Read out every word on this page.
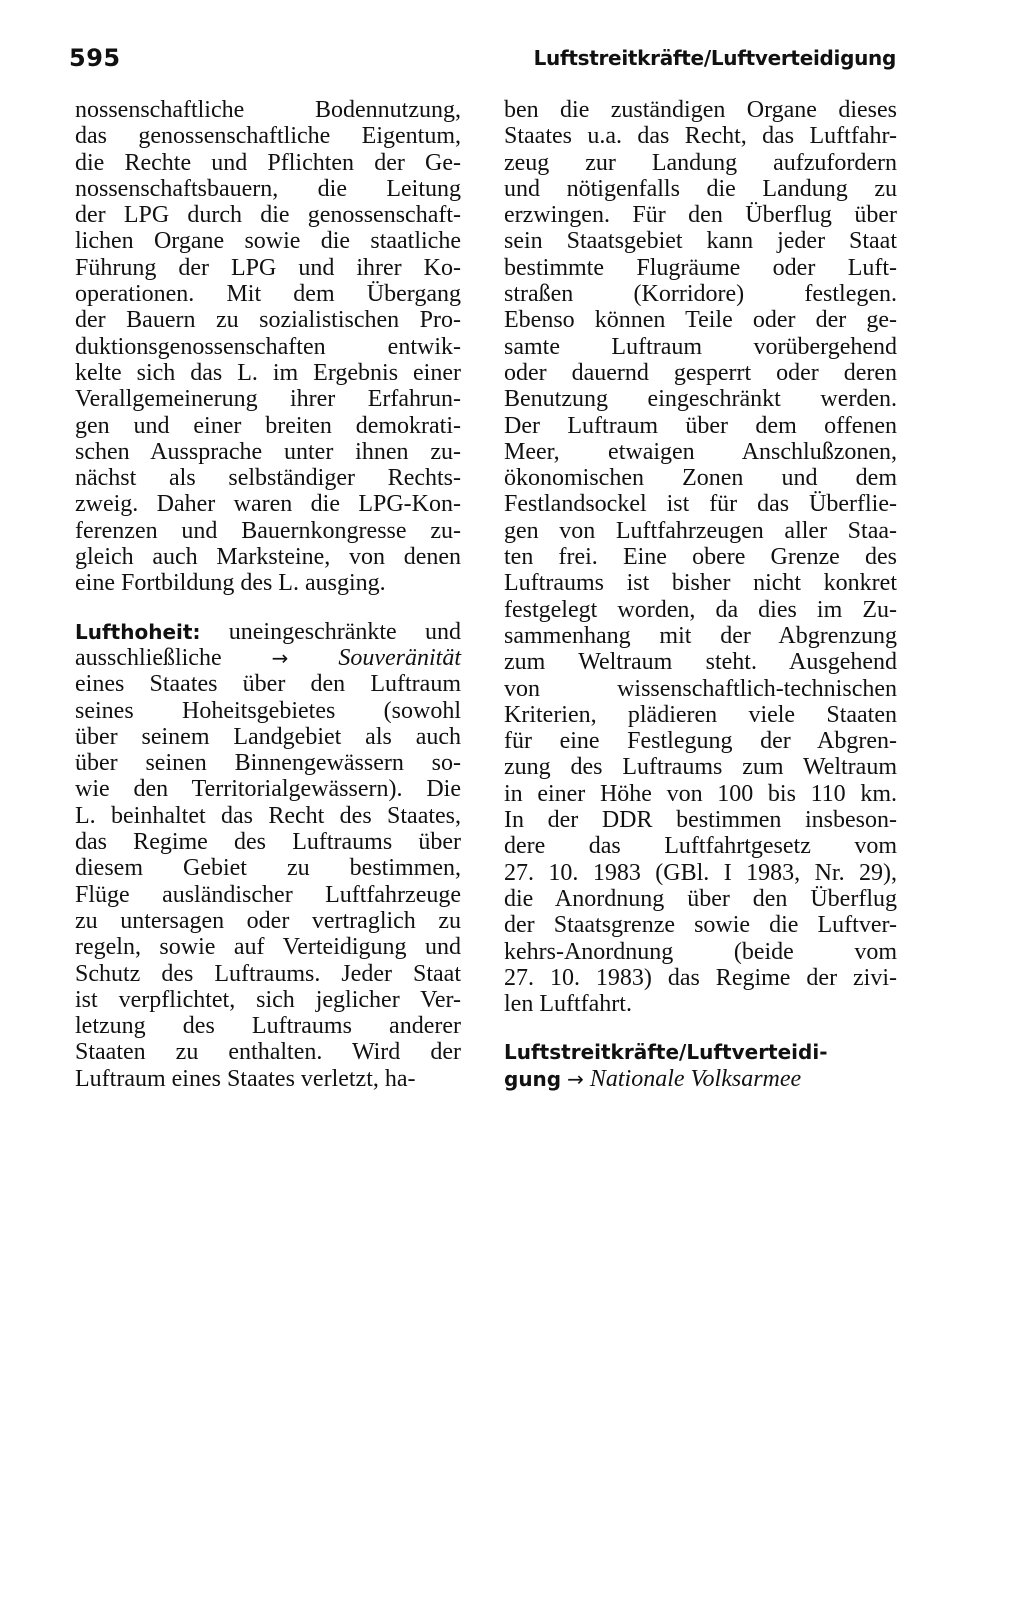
595	Luftstreitkräfte/Luftverteidigung
nossenschaftliche Bodennutzung,
das genossenschaftliche Eigentum,
die Rechte und Pflichten der Ge-
nossenschaftsbauern, die Leitung
der LPG durch die genossenschaft-
lichen Organe sowie die staatliche
Führung der LPG und ihrer Ko-
operationen. Mit dem Übergang
der Bauern zu sozialistischen Pro-
duktionsgenossenschaften entwik-
kelte sich das L. im Ergebnis einer
Verallgemeinerung ihrer Erfahrun-
gen und einer breiten demokrati-
schen Aussprache unter ihnen zu-
nächst als selbständiger Rechts-
zweig. Daher waren die LPG-Kon-
ferenzen und Bauernkongresse zu-
gleich auch Marksteine, von denen
eine Fortbildung des L. ausging.
Lufthoheit: uneingeschränkte und
ausschließliche → Souveränität
eines Staates über den Luftraum
seines Hoheitsgebietes (sowohl
über seinem Landgebiet als auch
über seinen Binnengewässern so-
wie den Territorialgewässern). Die
L. beinhaltet das Recht des Staates,
das Regime des Luftraums über
diesem Gebiet zu bestimmen,
Flüge ausländischer Luftfahrzeuge
zu untersagen oder vertraglich zu
regeln, sowie auf Verteidigung und
Schutz des Luftraums. Jeder Staat
ist verpflichtet, sich jeglicher Ver-
letzung des Luftraums anderer
Staaten zu enthalten. Wird der
Luftraum eines Staates verletzt, ha-
ben die zuständigen Organe dieses
Staates u.a. das Recht, das Luftfahr-
zeug zur Landung aufzufordern
und nötigenfalls die Landung zu
erzwingen. Für den Überflug über
sein Staatsgebiet kann jeder Staat
bestimmte Flugräume oder Luft-
straßen (Korridore) festlegen.
Ebenso können Teile oder der ge-
samte Luftraum vorübergehend
oder dauernd gesperrt oder deren
Benutzung eingeschränkt werden.
Der Luftraum über dem offenen
Meer, etwaigen Anschlußzonen,
ökonomischen Zonen und dem
Festlandsockel ist für das Überflie-
gen von Luftfahrzeugen aller Staa-
ten frei. Eine obere Grenze des
Luftraums ist bisher nicht konkret
festgelegt worden, da dies im Zu-
sammenhang mit der Abgrenzung
zum Weltraum steht. Ausgehend
von wissenschaftlich-technischen
Kriterien, plädieren viele Staaten
für eine Festlegung der Abgren-
zung des Luftraums zum Weltraum
in einer Höhe von 100 bis 110 km.
In der DDR bestimmen insbeson-
dere das Luftfahrtgesetz vom
27. 10. 1983 (GBl. I 1983, Nr. 29),
die Anordnung über den Überflug
der Staatsgrenze sowie die Luftver-
kehrs-Anordnung (beide vom
27. 10. 1983) das Regime der zivi-
len Luftfahrt.
Luftstreitkräfte/Luftverteidi-
gung → Nationale Volksarmee
